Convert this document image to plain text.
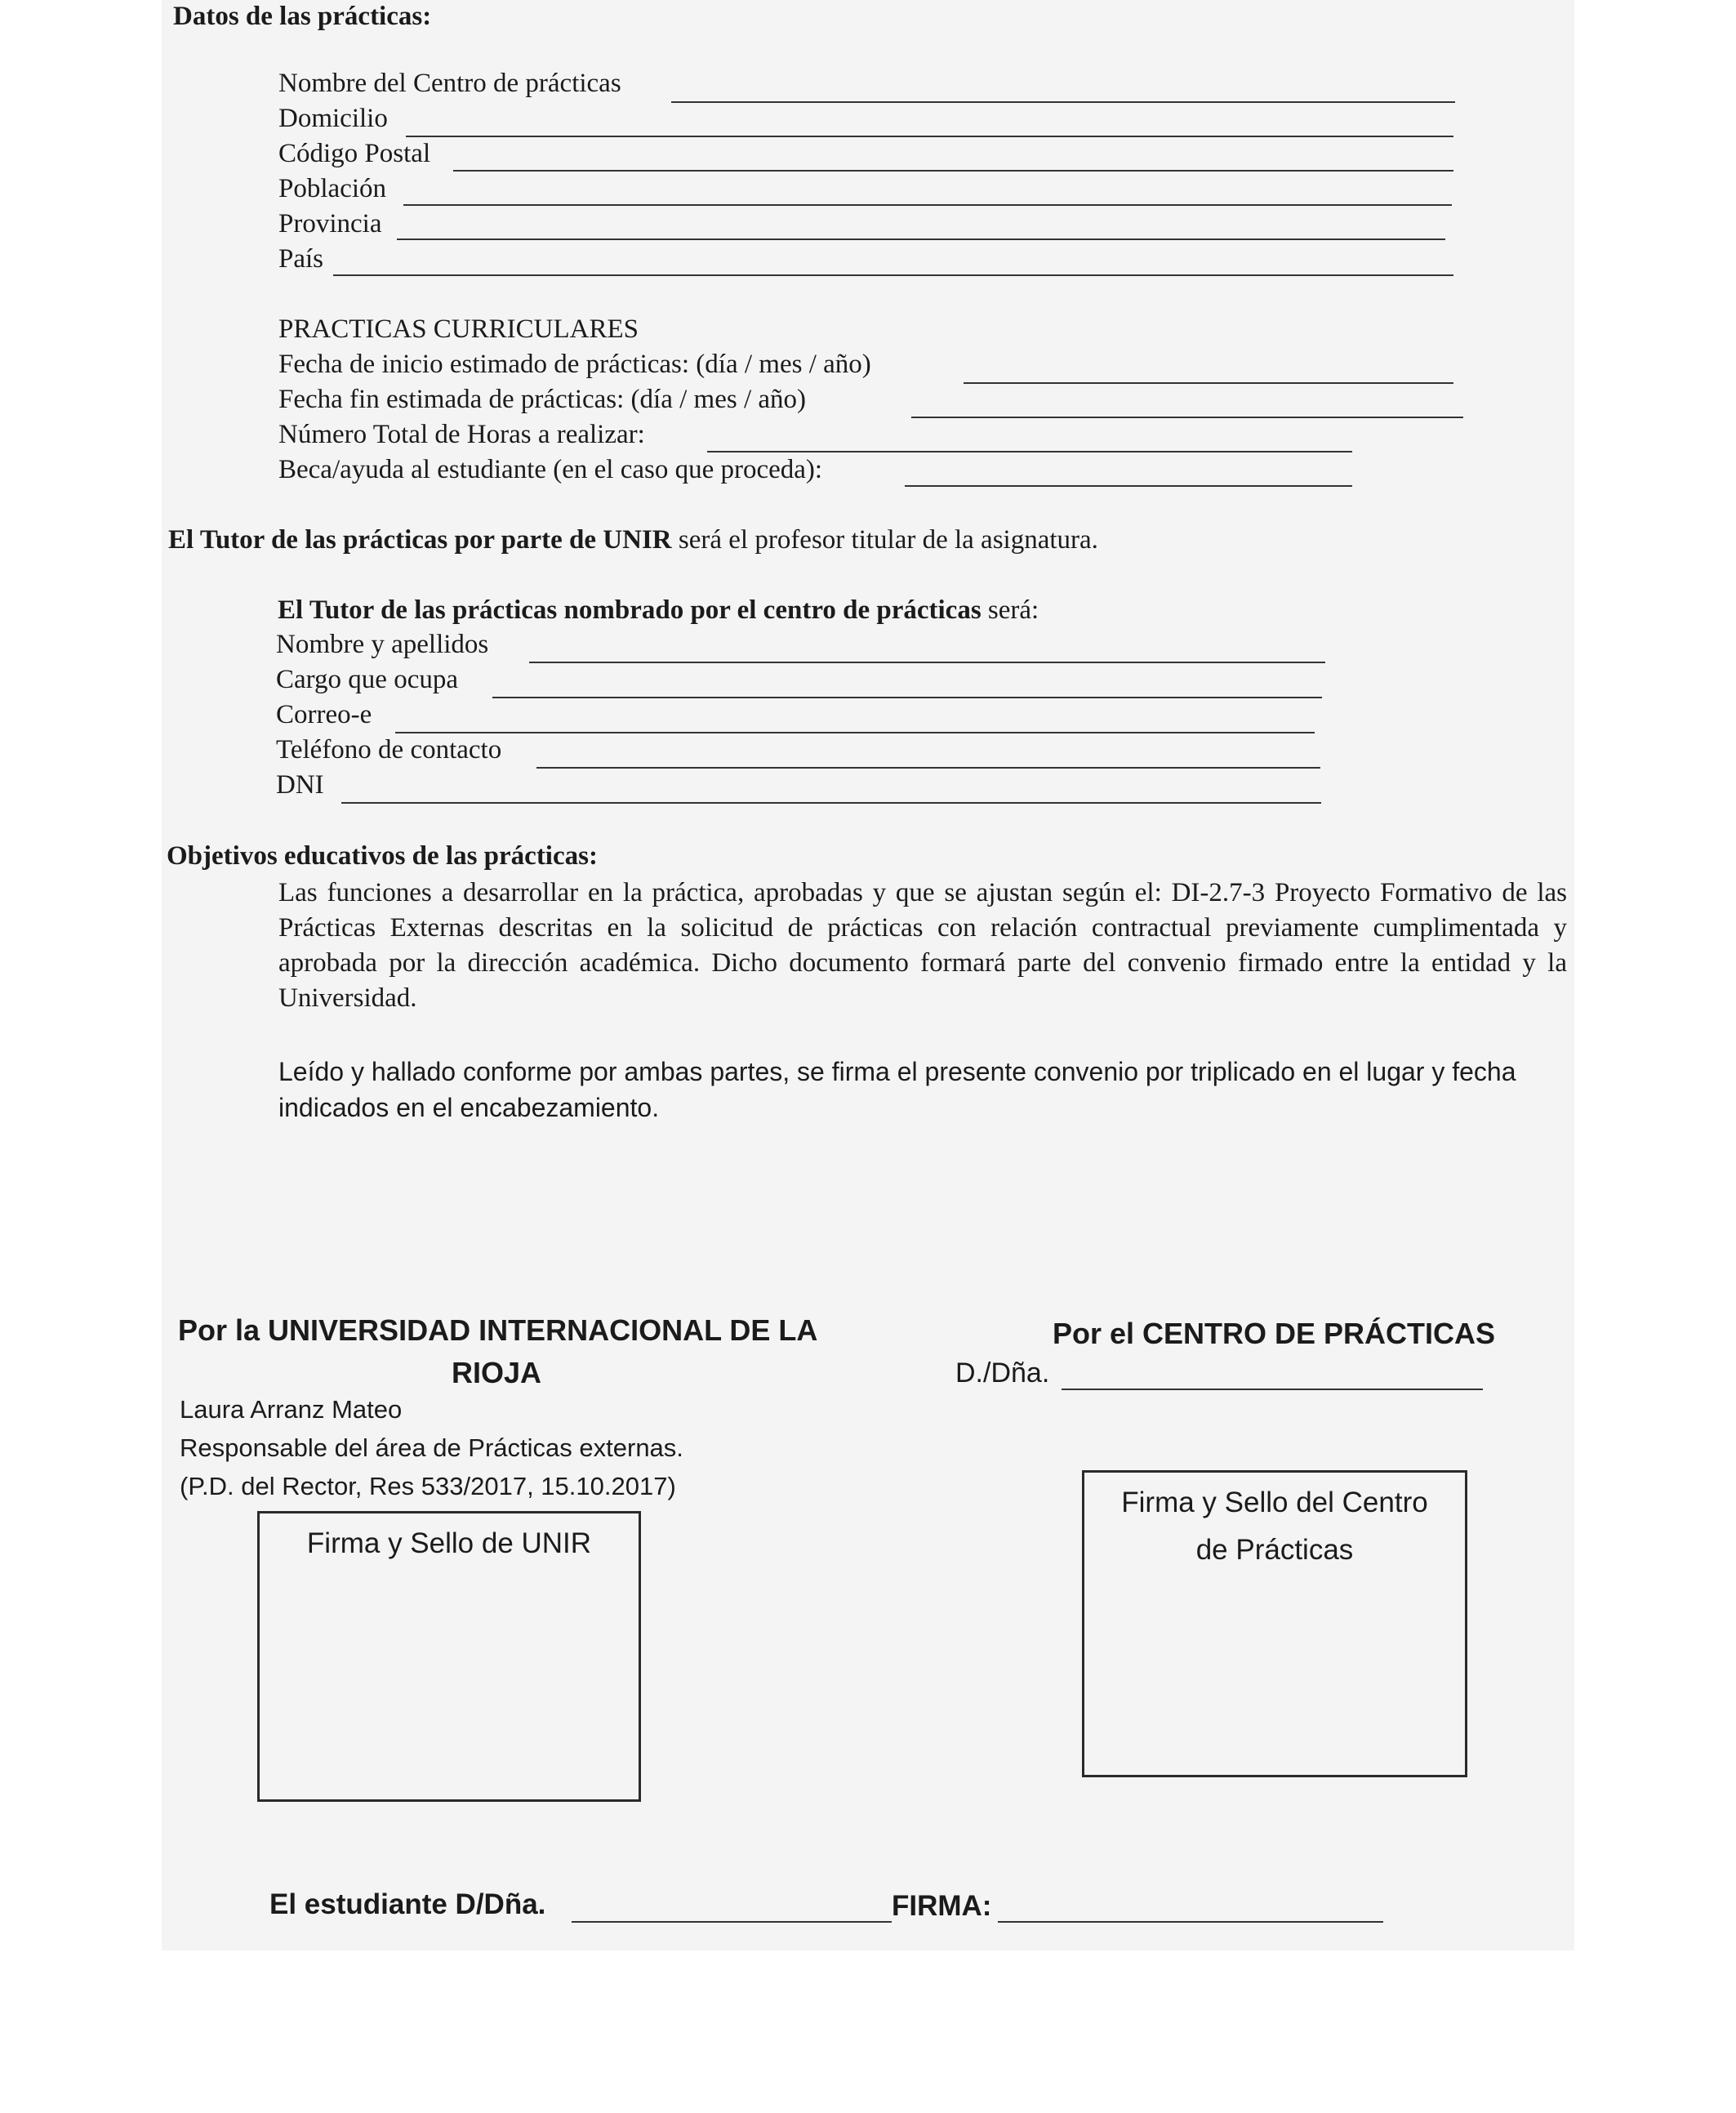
Datos de las prácticas:
Nombre del Centro de prácticas
Domicilio
Código Postal
Población
Provincia
País
PRACTICAS CURRICULARES
Fecha de inicio estimado de prácticas: (día / mes / año)
Fecha fin estimada de prácticas: (día / mes / año)
Número Total de Horas a realizar:
Beca/ayuda al estudiante (en el caso que proceda):
El Tutor de las prácticas por parte de UNIR será el profesor titular de la asignatura.
El Tutor de las prácticas nombrado por el centro de prácticas será:
Nombre y apellidos
Cargo que ocupa
Correo-e
Teléfono de contacto
DNI
Objetivos educativos de las prácticas:
Las funciones a desarrollar en la práctica, aprobadas y que se ajustan según el: DI-2.7-3 Proyecto Formativo de las Prácticas Externas descritas en la solicitud de prácticas con relación contractual previamente cumplimentada y aprobada por la dirección académica. Dicho documento formará parte del convenio firmado entre la entidad y la Universidad.
Leído y hallado conforme por ambas partes, se firma el presente convenio por triplicado en el lugar y fecha indicados en el encabezamiento.
Por la UNIVERSIDAD INTERNACIONAL DE LA
RIOJA
Laura Arranz Mateo
Responsable del área de Prácticas externas.
(P.D. del Rector, Res 533/2017, 15.10.2017)
Firma y Sello de UNIR
Por el CENTRO DE PRÁCTICAS
D./Dña.
Firma y Sello del Centro
de Prácticas
El estudiante D/Dña.	FIRMA:
